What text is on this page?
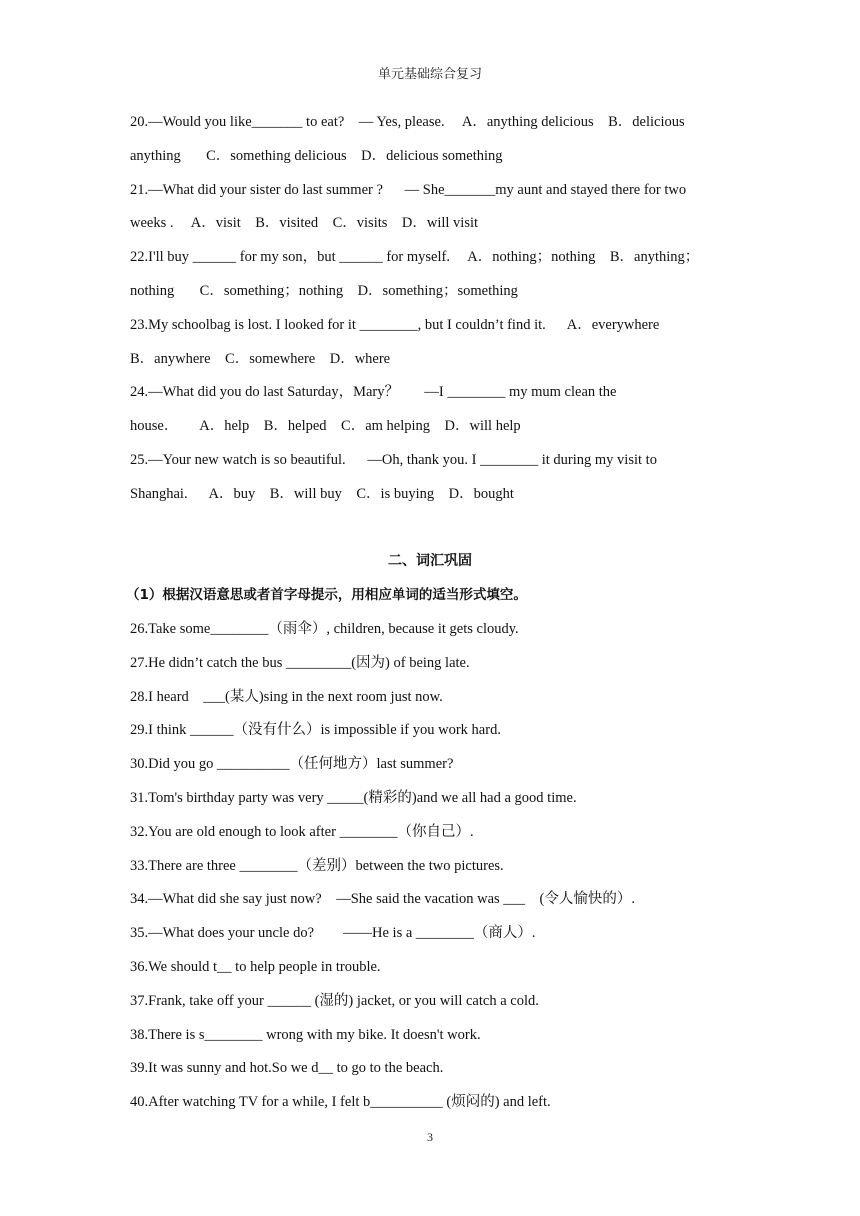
单元基础综合复习
20.—Would you like_______ to eat?    — Yes, please.     A．anything delicious    B．delicious
anything       C．something delicious    D．delicious something
21.—What did your sister do last summer ?      — She_______my aunt and stayed there for two
weeks .     A．visit    B．visited    C．visits    D．will visit
22.I'll buy ______ for my son，but ______ for myself.     A．nothing；nothing    B．anything；
nothing       C．something；nothing    D．something；something
23.My schoolbag is lost. I looked for it ________, but I couldn’t find it.      A．everywhere
B．anywhere    C．somewhere    D．where
24.—What did you do last Saturday，Mary？       —I ________ my mum clean the
house．      A．help    B．helped    C．am helping    D．will help
25.—Your new watch is so beautiful.      —Oh, thank you. I ________ it during my visit to
Shanghai.      A．buy    B．will buy    C．is buying    D．bought
二、词汇巩固
（1）根据汉语意思或者首字母提示，用相应单词的适当形式填空。
26.Take some________（雨伞）, children, because it gets cloudy.
27.He didn’t catch the bus _________(因为) of being late.
28.I heard    ___(某人)sing in the next room just now.
29.I think ______（没有什么）is impossible if you work hard.
30.Did you go __________（任何地方）last summer?
31.Tom's birthday party was very _____(精彩的)and we all had a good time.
32.You are old enough to look after ________（你自己）.
33.There are three ________（差别）between the two pictures.
34.—What did she say just now?    —She said the vacation was ___    (令人愉快的）.
35.—What does your uncle do?        ——He is a ________（商人）.
36.We should t__ to help people in trouble.
37.Frank, take off your ______ (湿的) jacket, or you will catch a cold.
38.There is s________ wrong with my bike. It doesn't work.
39.It was sunny and hot.So we d__ to go to the beach.
40.After watching TV for a while, I felt b__________ (烦闷的) and left.
3
